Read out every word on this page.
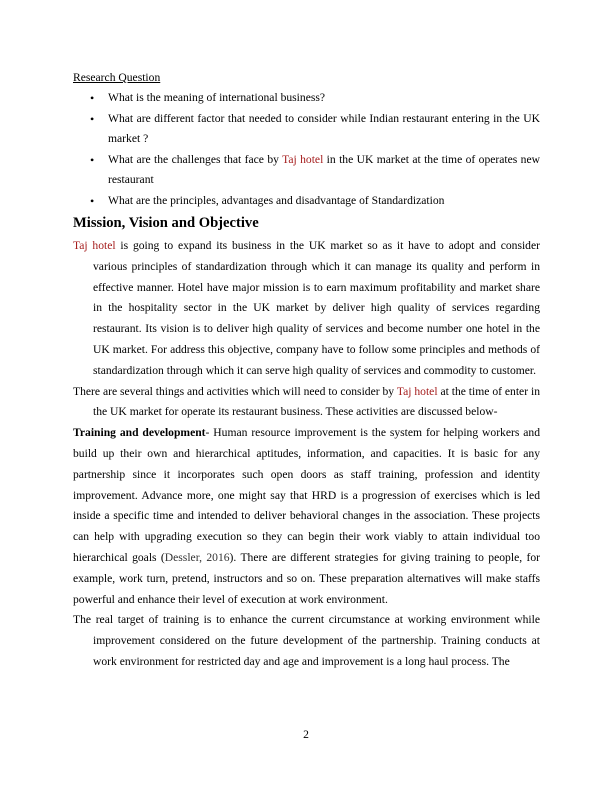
Research Question

• What is the meaning of international business?
• What are different factor that needed to consider while Indian restaurant entering in the UK market ?
• What are the challenges that face by Taj hotel in the UK market at the time of operates new restaurant
• What are the principles, advantages and disadvantage of Standardization
Mission, Vision and Objective

Taj hotel is going to expand its business in the UK market so as it have to adopt and consider various principles of standardization through which it can manage its quality and perform in effective manner. Hotel have major mission is to earn maximum profitability and market share in the hospitality sector in the UK market by deliver high quality of services regarding restaurant. Its vision is to deliver high quality of services and become number one hotel in the UK market. For address this objective, company have to follow some principles and methods of standardization through which it can serve high quality of services and commodity to customer.

There are several things and activities which will need to consider by Taj hotel at the time of enter in the UK market for operate its restaurant business. These activities are discussed below-

Training and development- Human resource improvement is the system for helping workers and build up their own and hierarchical aptitudes, information, and capacities. It is basic for any partnership since it incorporates such open doors as staff training, profession and identity improvement. Advance more, one might say that HRD is a progression of exercises which is led inside a specific time and intended to deliver behavioral changes in the association. These projects can help with upgrading execution so they can begin their work viably to attain individual too hierarchical goals (Dessler, 2016). There are different strategies for giving training to people, for example, work turn, pretend, instructors and so on. These preparation alternatives will make staffs powerful and enhance their level of execution at work environment.

The real target of training is to enhance the current circumstance at working environment while improvement considered on the future development of the partnership. Training conducts at work environment for restricted day and age and improvement is a long haul process. The

2
